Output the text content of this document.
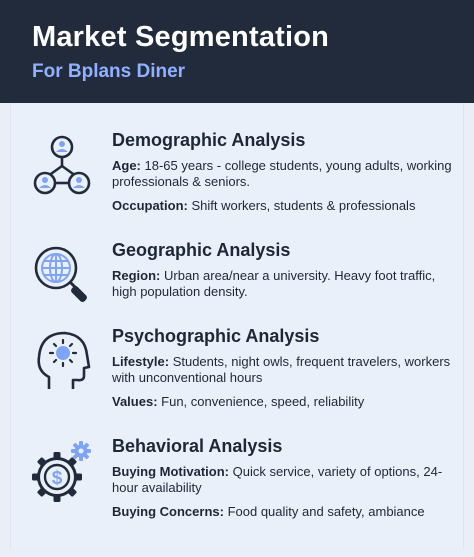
Market Segmentation
For Bplans Diner
Demographic Analysis

Age: 18-65 years - college students, young adults, working professionals & seniors.

Occupation: Shift workers, students & professionals

Geographic Analysis

Region: Urban area/near a university. Heavy foot traffic, high population density.

Psychographic Analysis

Lifestyle: Students, night owls, frequent travelers, workers with unconventional hours

Values: Fun, convenience, speed, reliability

$
Behavioral Analysis

Buying Motivation: Quick service, variety of options, 24-hour availability

Buying Concerns: Food quality and safety, ambiance
